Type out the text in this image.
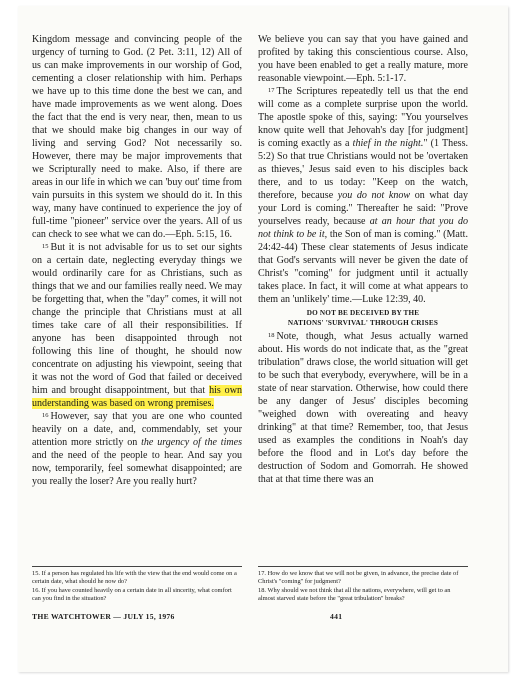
Kingdom message and convincing people of the urgency of turning to God. (2 Pet. 3:11, 12) All of us can make improvements in our worship of God, cementing a closer relationship with him. Perhaps we have up to this time done the best we can, and have made improvements as we went along. Does the fact that the end is very near, then, mean to us that we should make big changes in our way of living and serving God? Not necessarily so. However, there may be major improvements that we Scripturally need to make. Also, if there are areas in our life in which we can 'buy out' time from vain pursuits in this system we should do it. In this way, many have continued to experience the joy of full-time "pioneer" service over the years. All of us can check to see what we can do.—Eph. 5:15, 16.

$^{15}$ But it is not advisable for us to set our sights on a certain date, neglecting everyday things we would ordinarily care for as Christians, such as things that we and our families really need. We may be forgetting that, when the "day" comes, it will not change the principle that Christians must at all times take care of all their responsibilities. If anyone has been disappointed through not following this line of thought, he should now concentrate on adjusting his viewpoint, seeing that it was not the word of God that failed or deceived him and brought disappointment, but that his own understanding was based on wrong premises.

$^{16}$ However, say that you are one who counted heavily on a date, and, commendably, set your attention more strictly on the urgency of the times and the need of the people to hear. And say you now, temporarily, feel somewhat disappointed; are you really the loser? Are you really hurt?

We believe you can say that you have gained and profited by taking this conscientious course. Also, you have been enabled to get a really mature, more reasonable viewpoint.—Eph. 5:1-17.

$^{17}$ The Scriptures repeatedly tell us that the end will come as a complete surprise upon the world. The apostle spoke of this, saying: "You yourselves know quite well that Jehovah's day [for judgment] is coming exactly as a thief in the night." (1 Thess. 5:2) So that true Christians would not be 'overtaken as thieves,' Jesus said even to his disciples back there, and to us today: "Keep on the watch, therefore, because you do not know on what day your Lord is coming." Thereafter he said: "Prove yourselves ready, because at an hour that you do not think to be it, the Son of man is coming." (Matt. 24:42-44) These clear statements of Jesus indicate that God's servants will never be given the date of Christ's "coming" for judgment until it actually takes place. In fact, it will come at what appears to them an 'unlikely' time.—Luke 12:39, 40.

DO NOT BE DECEIVED BY THE
NATIONS' 'SURVIVAL' THROUGH CRISES

$^{18}$ Note, though, what Jesus actually warned about. His words do not indicate that, as the "great tribulation" draws close, the world situation will get to be such that everybody, everywhere, will be in a state of near starvation. Otherwise, how could there be any danger of Jesus' disciples becoming "weighed down with overeating and heavy drinking" at that time? Remember, too, that Jesus used as examples the conditions in Noah's day before the flood and in Lot's day before the destruction of Sodom and Gomorrah. He showed that at that time there was an

15. If a person has regulated his life with the view that the end would come on a certain date, what should he now do?

16. If you have counted heavily on a certain date in all sincerity, what comfort can you find in the situation?

17. How do we know that we will not be given, in advance, the precise date of Christ's "coming" for judgment?

18. Why should we not think that all the nations, everywhere, will get to an almost starved state before the "great tribulation" breaks?

THE WATCHTOWER — JULY 15, 1976	441
